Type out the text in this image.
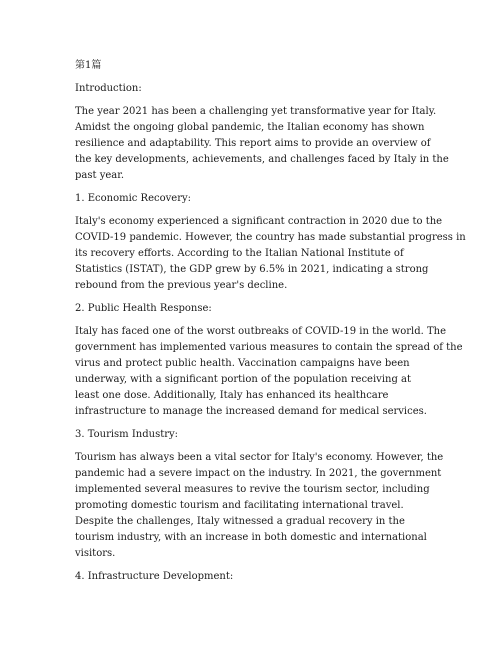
第1篇
Introduction:
The year 2021 has been a challenging yet transformative year for Italy.
Amidst the ongoing global pandemic, the Italian economy has shown
resilience and adaptability. This report aims to provide an overview of
the key developments, achievements, and challenges faced by Italy in the
past year.
1. Economic Recovery:
Italy's economy experienced a significant contraction in 2020 due to the
COVID-19 pandemic. However, the country has made substantial progress in
its recovery efforts. According to the Italian National Institute of
Statistics (ISTAT), the GDP grew by 6.5% in 2021, indicating a strong
rebound from the previous year's decline.
2. Public Health Response:
Italy has faced one of the worst outbreaks of COVID-19 in the world. The
government has implemented various measures to contain the spread of the
virus and protect public health. Vaccination campaigns have been
underway, with a significant portion of the population receiving at
least one dose. Additionally, Italy has enhanced its healthcare
infrastructure to manage the increased demand for medical services.
3. Tourism Industry:
Tourism has always been a vital sector for Italy's economy. However, the
pandemic had a severe impact on the industry. In 2021, the government
implemented several measures to revive the tourism sector, including
promoting domestic tourism and facilitating international travel.
Despite the challenges, Italy witnessed a gradual recovery in the
tourism industry, with an increase in both domestic and international
visitors.
4. Infrastructure Development:
